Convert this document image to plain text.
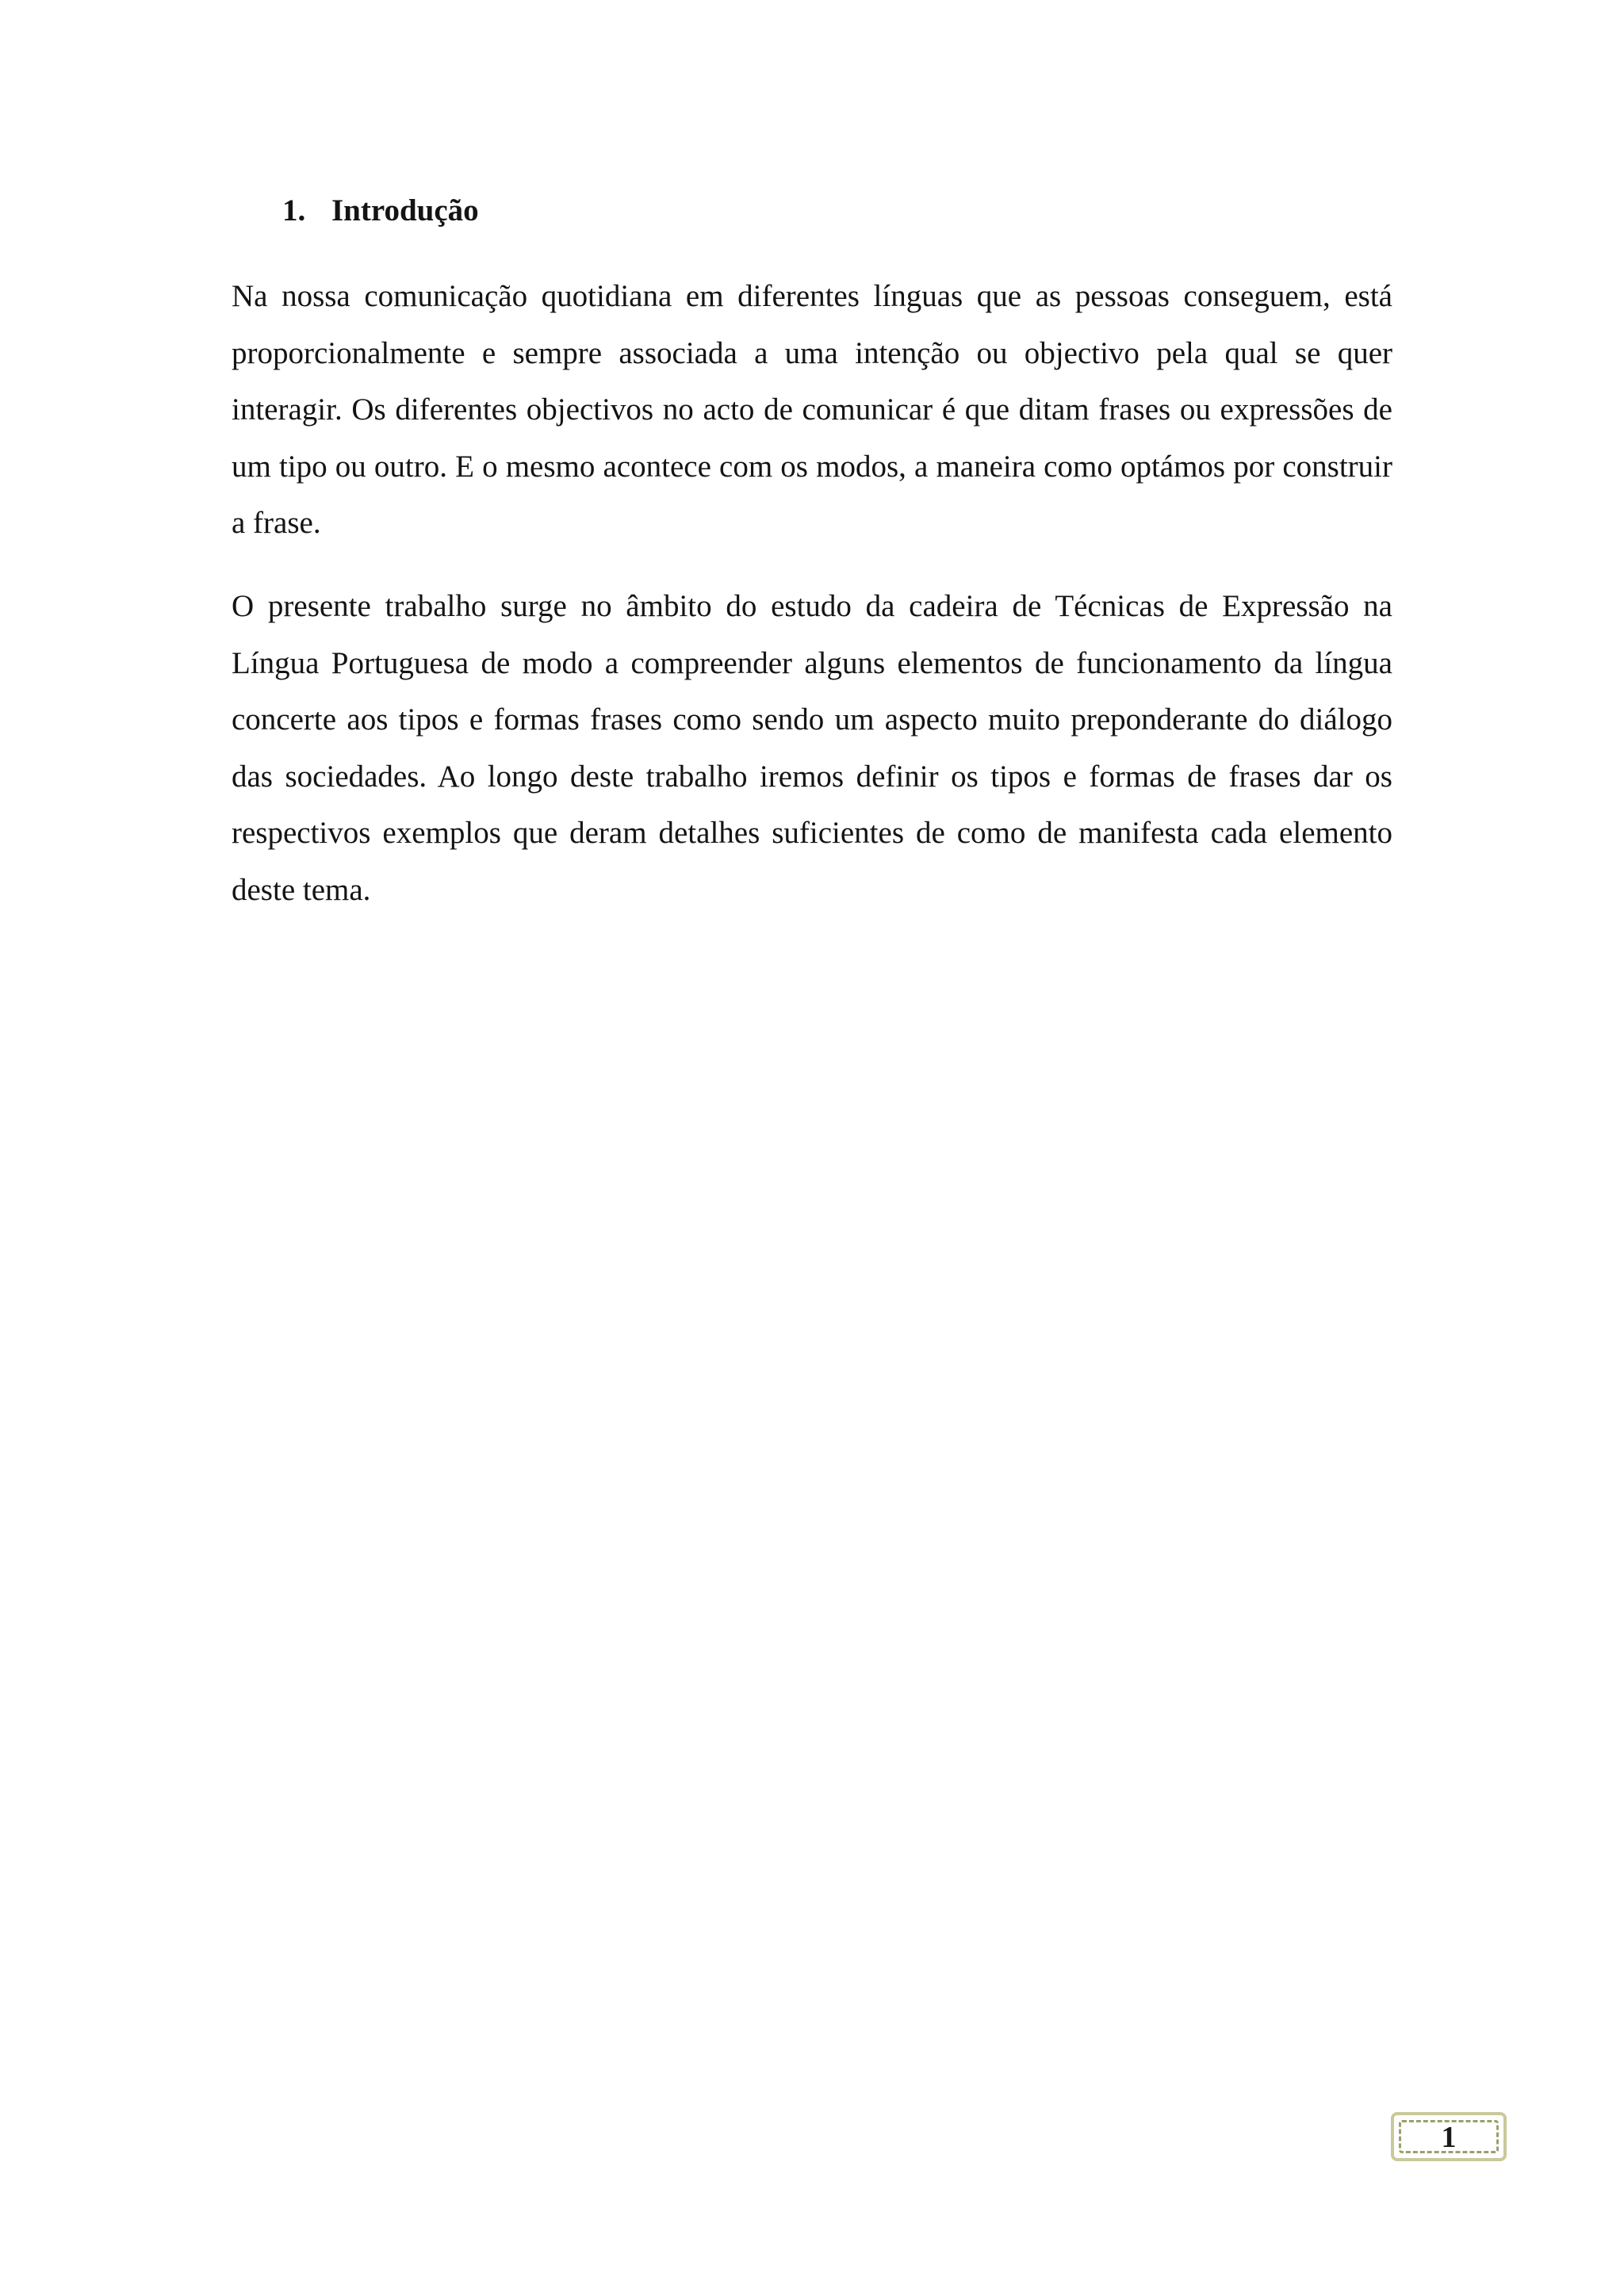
1. Introdução

Na nossa comunicação quotidiana em diferentes línguas que as pessoas conseguem, está proporcionalmente e sempre associada a uma intenção ou objectivo pela qual se quer interagir. Os diferentes objectivos no acto de comunicar é que ditam frases ou expressões de um tipo ou outro. E o mesmo acontece com os modos, a maneira como optámos por construir a frase.

O presente trabalho surge no âmbito do estudo da cadeira de Técnicas de Expressão na Língua Portuguesa de modo a compreender alguns elementos de funcionamento da língua concerte aos tipos e formas frases como sendo um aspecto muito preponderante do diálogo das sociedades. Ao longo deste trabalho iremos definir os tipos e formas de frases dar os respectivos exemplos que deram detalhes suficientes de como de manifesta cada elemento deste tema.

1
